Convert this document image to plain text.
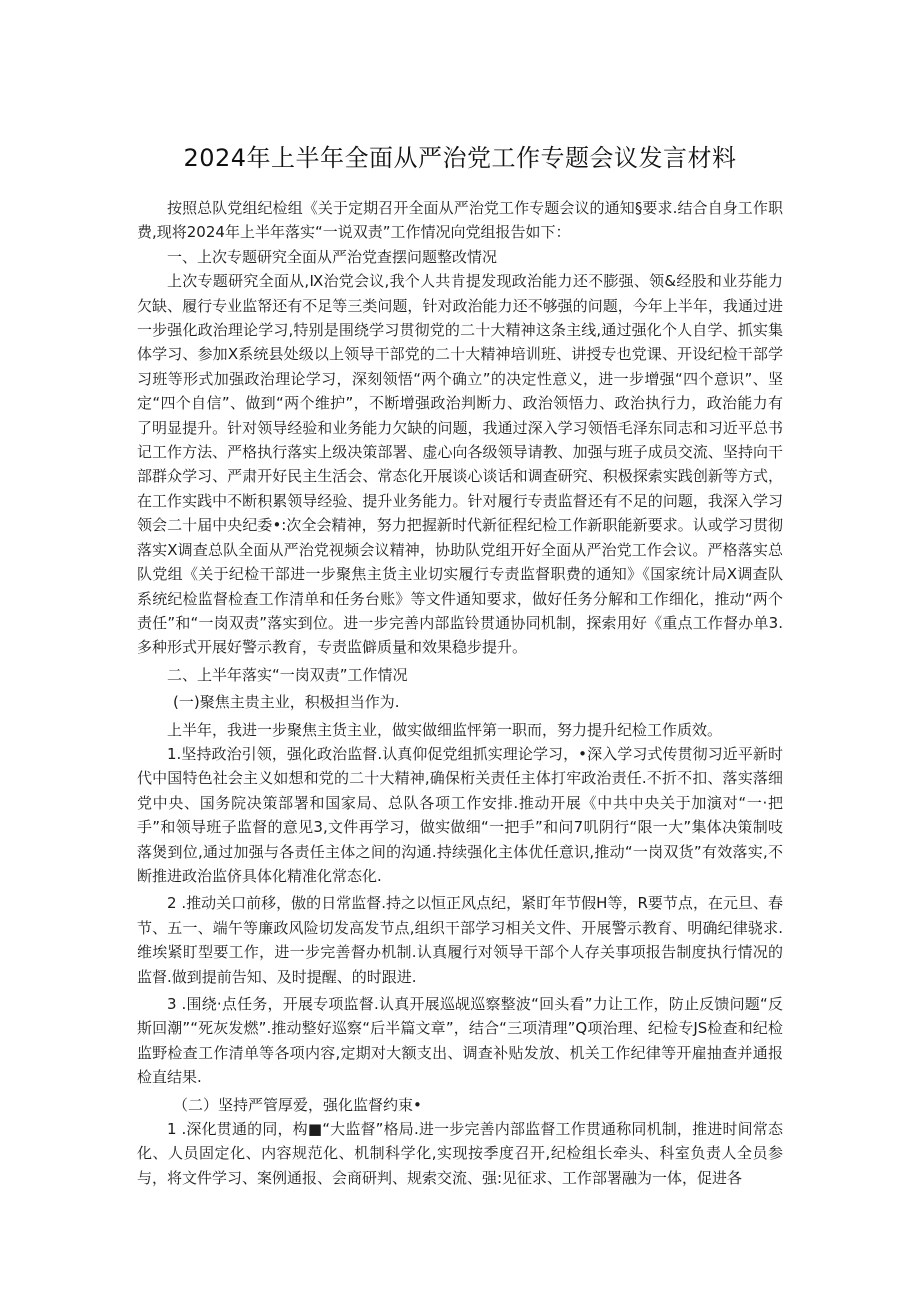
2024年上半年全面从严治党工作专题会议发言材料

按照总队党组纪检组《关于定期召开全面从严治党工作专题会议的通知§要求.结合自身工作职费,现将2024年上半年落实“一说双责”工作情况向党组报告如下：

一、上次专题研究全面从严治党查摆问题整改情况

上次专题研究全面从,Ⅸ治党会议,我个人共肯提发现政治能力还不膨强、领&经股和业芬能力欠缺、履行专业监帑还有不足等三类问题，针对政治能力还不够强的问题，今年上半年，我通过进一步强化政治理论学习,特别是围绕学习贯彻党的二十大精神这条主线,通过强化个人自学、抓实集体学习、参加X系统县处级以上领导干部党的二十大精神培训班、讲授专也党课、开设纪检干部学习班等形式加强政治理论学习，深刻领悟“两个确立”的决定性意义，进一步增强“四个意识”、坚定“四个自信”、做到“两个维护”，不断增强政治判断力、政治领悟力、政治执行力，政治能力有了明显提升。针对领导经验和业务能力欠缺的问题，我通过深入学习领悟毛泽东同志和习近平总书记工作方法、严格执行落实上级决策部署、虚心向各级领导请教、加强与班子成员交流、坚持向干部群众学习、严肃开好民主生活会、常态化开展谈心谈话和调查研究、积极探索实践创新等方式，在工作实践中不断积累领导经验、提升业务能力。针对履行专责监督还有不足的问题，我深入学习领会二十届中央纪委•:次全会精神，努力把握新时代新征程纪检工作新职能新要求。认或学习贯彻落实X调查总队全面从严治党视频会议精神，协助队党组开好全面从严治党工作会议。严格落实总队党组《关于纪检干部进一步聚焦主货主业切实履行专责监督职费的通知》《国家统计局X调查队系统纪检监督检查工作清单和任务台账》等文件通知要求，做好任务分解和工作细化，推动“两个责任”和“一岗双责”落实到位。进一步完善内部监铃贯通协同机制，探索用好《重点工作督办单3.多种形式开展好警示教育，专责监僻质量和效果稳步提升。

二、上半年落实“一岗双责”工作情况

(一)聚焦主贵主业，积极担当作为.

上半年，我进一步聚焦主货主业，做实做细监怦第一职而，努力提升纪检工作质效。

1.坚持政治引领，强化政治监督.认真仰促党组抓实理论学习，•深入学习式传贯彻习近平新时代中国特色社会主义如想和党的二十大精神,确保桁关责任主体打牢政治责任.不折不扣、落实落细党中央、国务院决策部署和国家局、总队各项工作安排.推动开展《中共中央关于加演对“一·把手”和领导班子监督的意见3,文件再学习，做实做细“一把手”和问7叽阴行“限一大”集体决策制吱落煲到位,通过加强与各责任主体之间的沟通.持续强化主体优任意识,推动“一岗双货”有效落实,不断推进政治监侪具体化精准化常态化.

2 .推动关口前移，傲的日常监督.持之以恒正风点纪，紧盯年节假H等，R要节点，在元旦、春节、五一、端午等廉政风险切发高发节点,组织干部学习相关文件、开展警示教育、明确纪律骁求.维埃紧盯型要工作，进一步完善督办机制.认真履行对领导干部个人存关事项报告制度执行情况的监督.做到提前告知、及时提醒、的时跟进.

3 .围绕·点任务，开展专项监督.认真开展巡觇巡察整波“回头看”力让工作，防止反馈问题“反斯回潮”“死灰发燃”.推动整好巡察“后半篇文章”，结合“三项清理”Q项治理、纪检专JS检查和纪检监野检查工作清单等各项内容,定期对大额支出、调查补贴发放、机关工作纪律等开雇抽查并通报检直结果.

（二）坚持严管厚爱，强化监督约束•

1 .深化贯通的同，构■“大监督”格局.进一步完善内部监督工作贯通称同机制，推进时间常态化、人员固定化、内容规范化、机制科学化,实现按季度召开,纪检组长牵头、科室负责人全员参与，将文件学习、案例通报、会商研判、规索交流、强:见征求、工作部署融为一体，促进各
